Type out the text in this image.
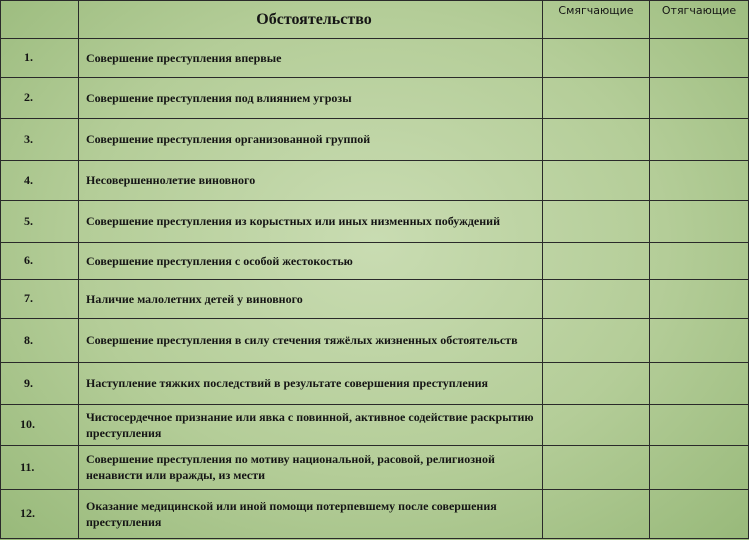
	Обстоятельство	Смягчающие	Отягчающие
1.	Совершение преступления впервые		
2.	Совершение преступления под влиянием угрозы		
3.	Совершение преступления организованной группой		
4.	Несовершеннолетие виновного		
5.	Совершение преступления из корыстных или иных низменных побуждений		
6.	Совершение преступления с особой жестокостью		
7.	Наличие малолетних детей у виновного		
8.	Совершение преступления в силу стечения тяжёлых жизненных обстоятельств		
9.	Наступление тяжких последствий в результате совершения преступления		
10.	Чистосердечное признание или явка с повинной, активное содействие раскрытию преступления		
11.	Совершение преступления по мотиву национальной, расовой, религиозной ненависти или вражды, из мести		
12.	Оказание медицинской или иной помощи потерпевшему после совершения преступления		
